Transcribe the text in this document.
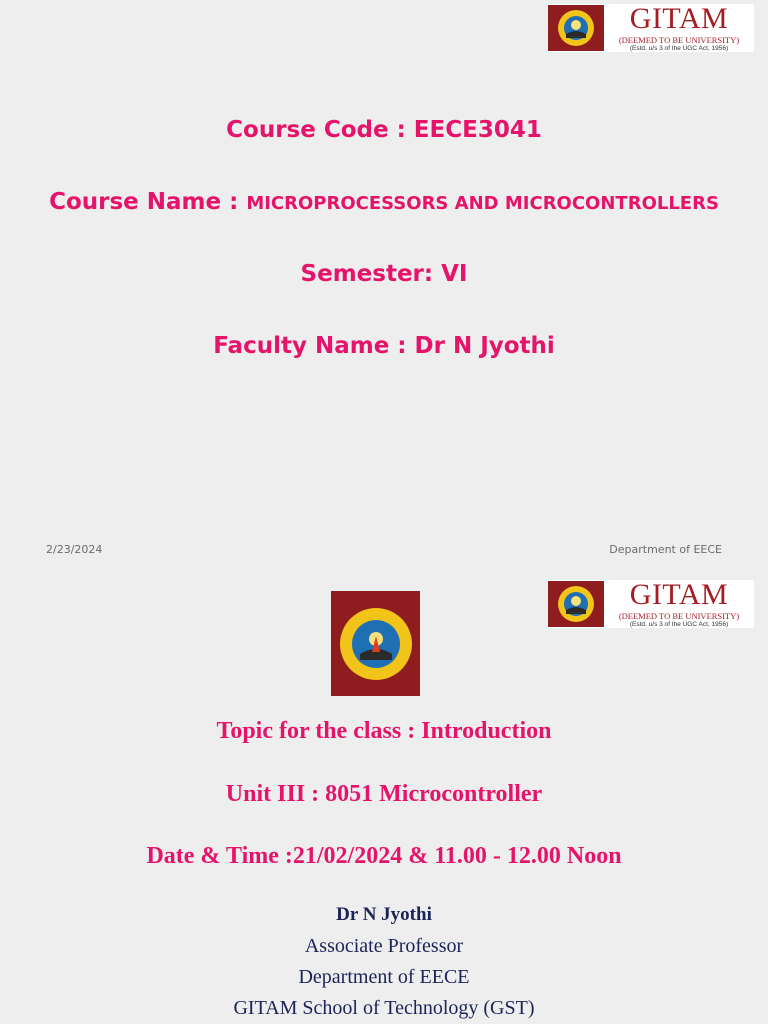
GITAM
(DEEMED TO BE UNIVERSITY)
(Estd. u/s 3 of the UGC Act, 1956)
Course Code : EECE3041
Course Name : MICROPROCESSORS AND MICROCONTROLLERS
Semester: VI
Faculty Name : Dr N Jyothi
2/23/2024	Department of EECE
GITAM
(DEEMED TO BE UNIVERSITY)
(Estd. u/s 3 of the UGC Act, 1956)
Topic for the class : Introduction
Unit III : 8051 Microcontroller
Date & Time :21/02/2024 & 11.00 - 12.00 Noon
Dr N Jyothi
Associate Professor
Department of EECE
GITAM School of Technology (GST)
